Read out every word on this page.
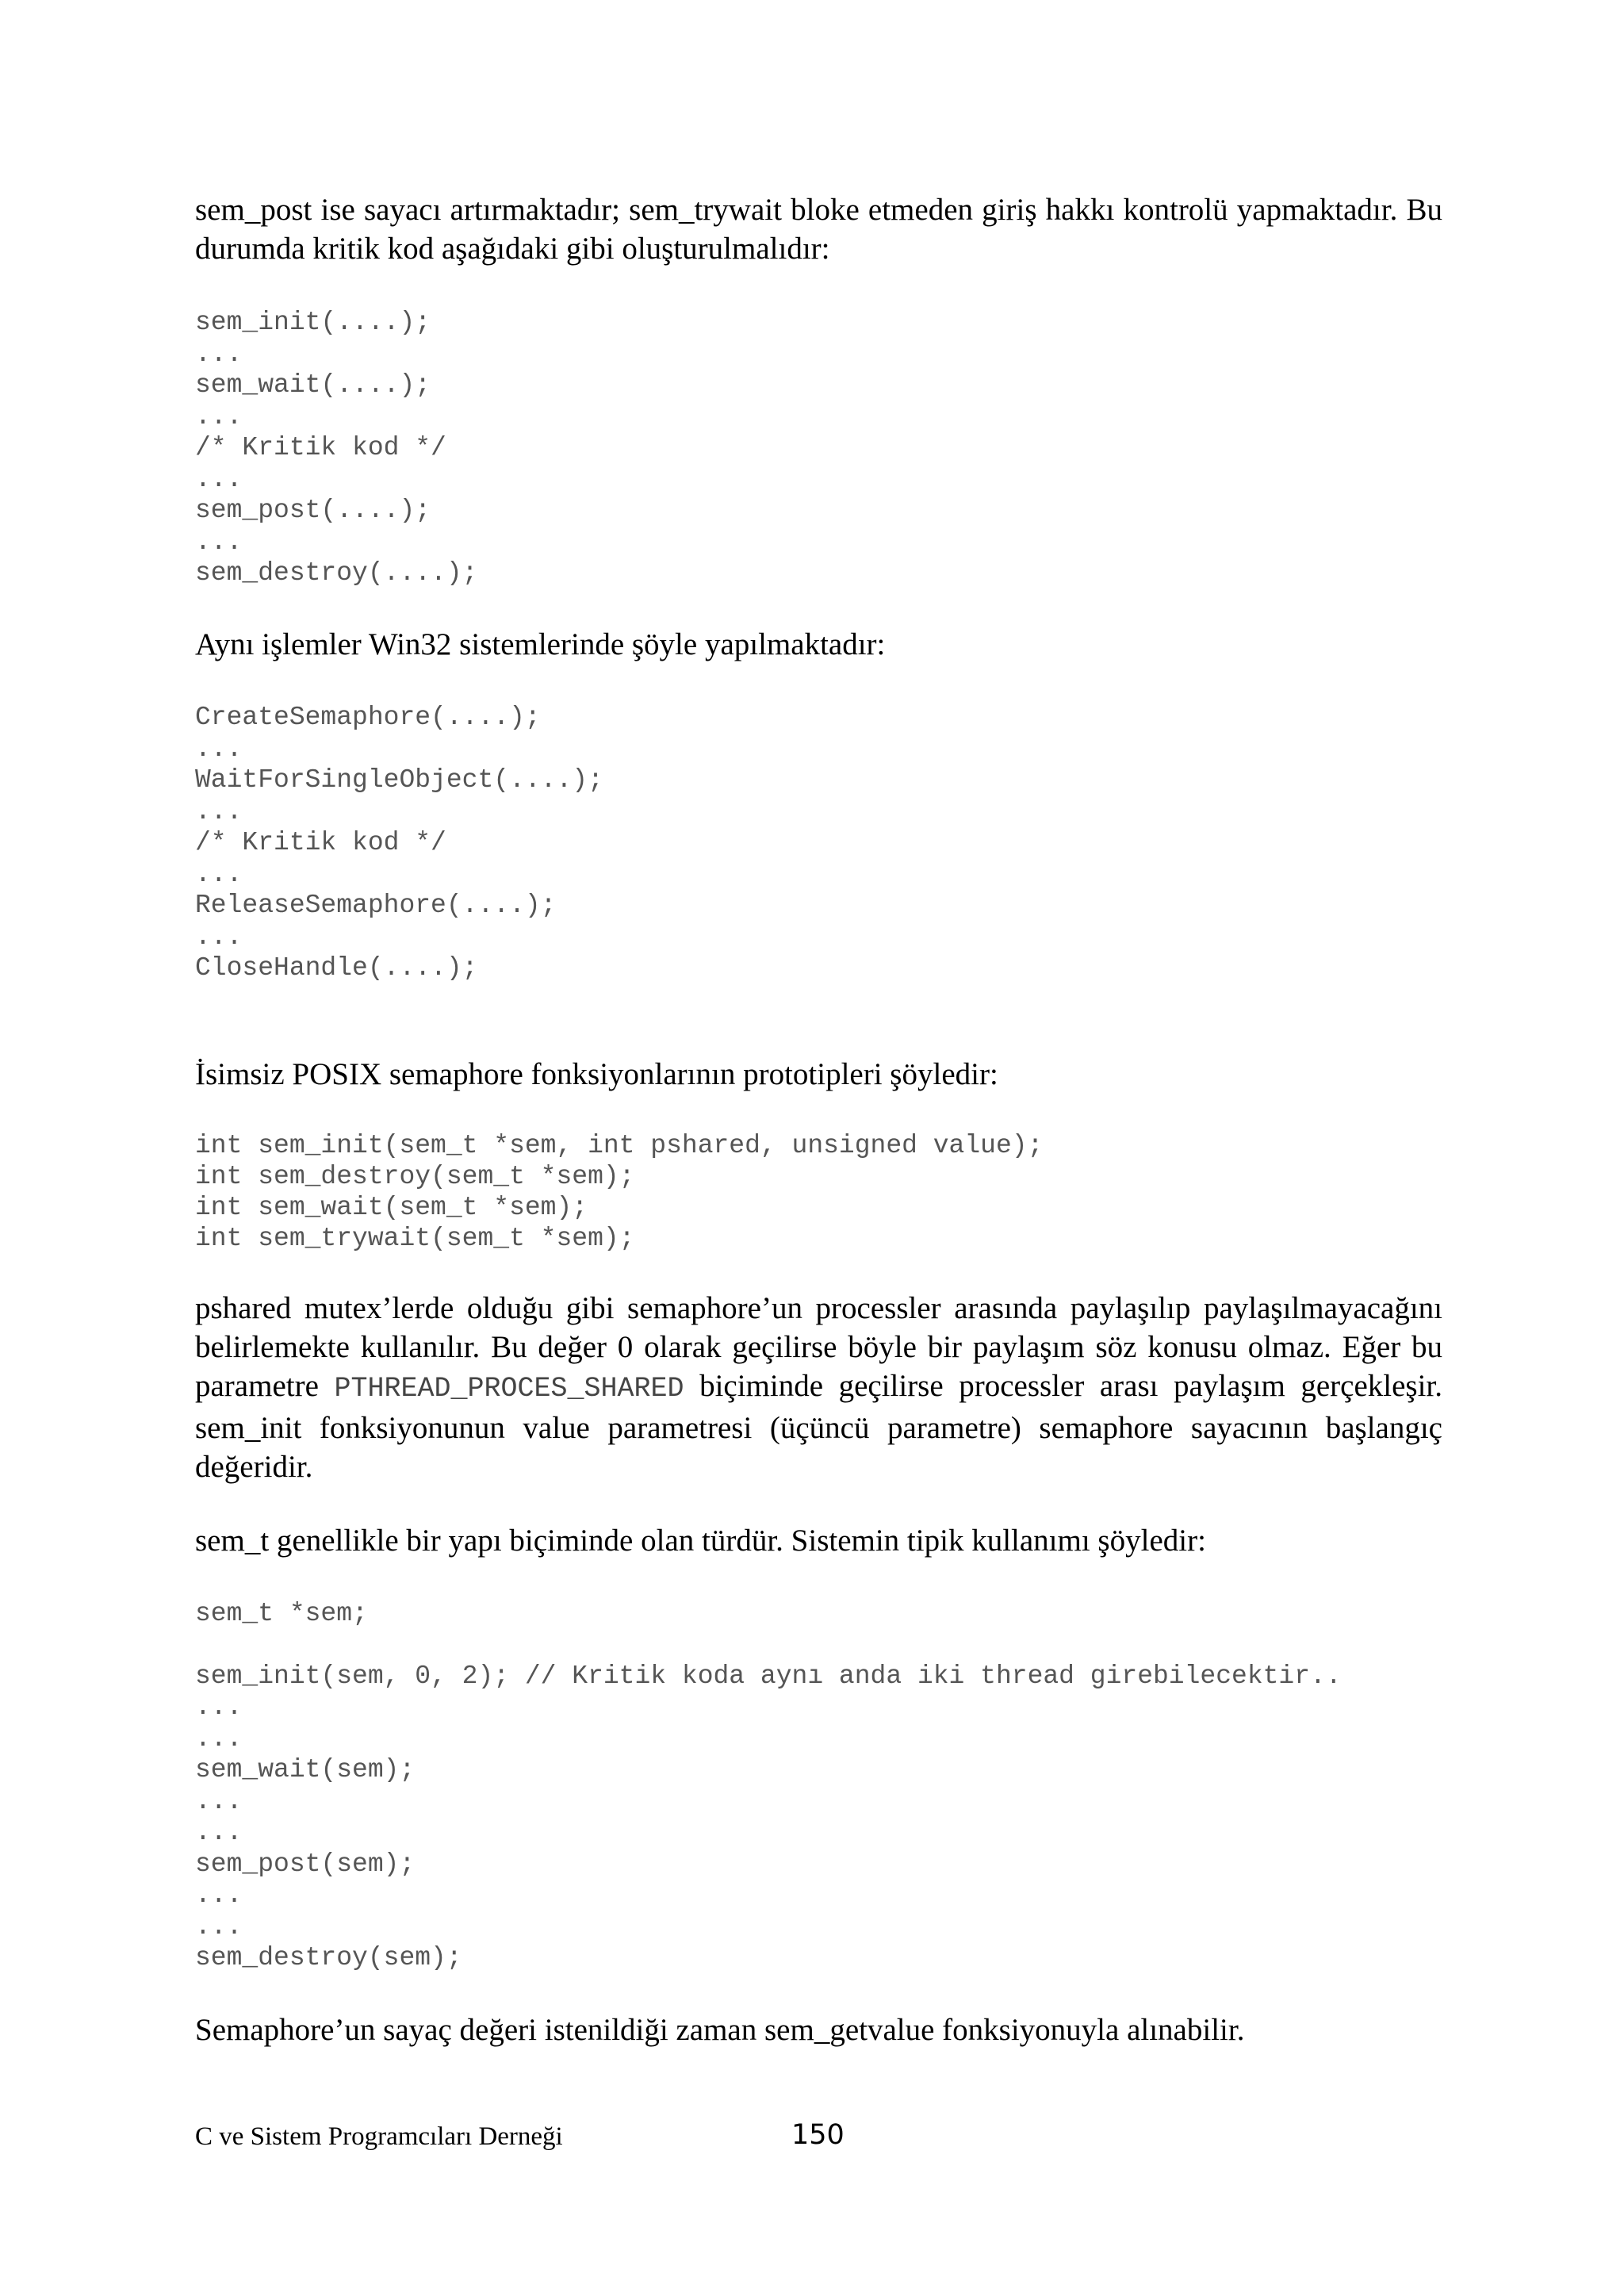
sem_post ise sayacı artırmaktadır; sem_trywait bloke etmeden giriş hakkı kontrolü yapmaktadır. Bu durumda kritik kod aşağıdaki gibi oluşturulmalıdır:

sem_init(....);
...
sem_wait(....);
...
/* Kritik kod */
...
sem_post(....);
...
sem_destroy(....);

Aynı işlemler Win32 sistemlerinde şöyle yapılmaktadır:

CreateSemaphore(....);
...
WaitForSingleObject(....);
...
/* Kritik kod */
...
ReleaseSemaphore(....);
...
CloseHandle(....);

İsimsiz POSIX semaphore fonksiyonlarının prototipleri şöyledir:

int sem_init(sem_t *sem, int pshared, unsigned value);
int sem_destroy(sem_t *sem);
int sem_wait(sem_t *sem);
int sem_trywait(sem_t *sem);

pshared mutex’lerde olduğu gibi semaphore’un processler arasında paylaşılıp paylaşılmayacağını belirlemekte kullanılır. Bu değer 0 olarak geçilirse böyle bir paylaşım söz konusu olmaz. Eğer bu parametre PTHREAD_PROCES_SHARED biçiminde geçilirse processler arası paylaşım gerçekleşir. sem_init fonksiyonunun value parametresi (üçüncü parametre) semaphore sayacının başlangıç değeridir.

sem_t genellikle bir yapı biçiminde olan türdür. Sistemin tipik kullanımı şöyledir:

sem_t *sem;
sem_init(sem, 0, 2); // Kritik koda aynı anda iki thread girebilecektir..
...
...
sem_wait(sem);
...
...
sem_post(sem);
...
...
sem_destroy(sem);

Semaphore’un sayaç değeri istenildiği zaman sem_getvalue fonksiyonuyla alınabilir.

C ve Sistem Programcıları Derneği	150
